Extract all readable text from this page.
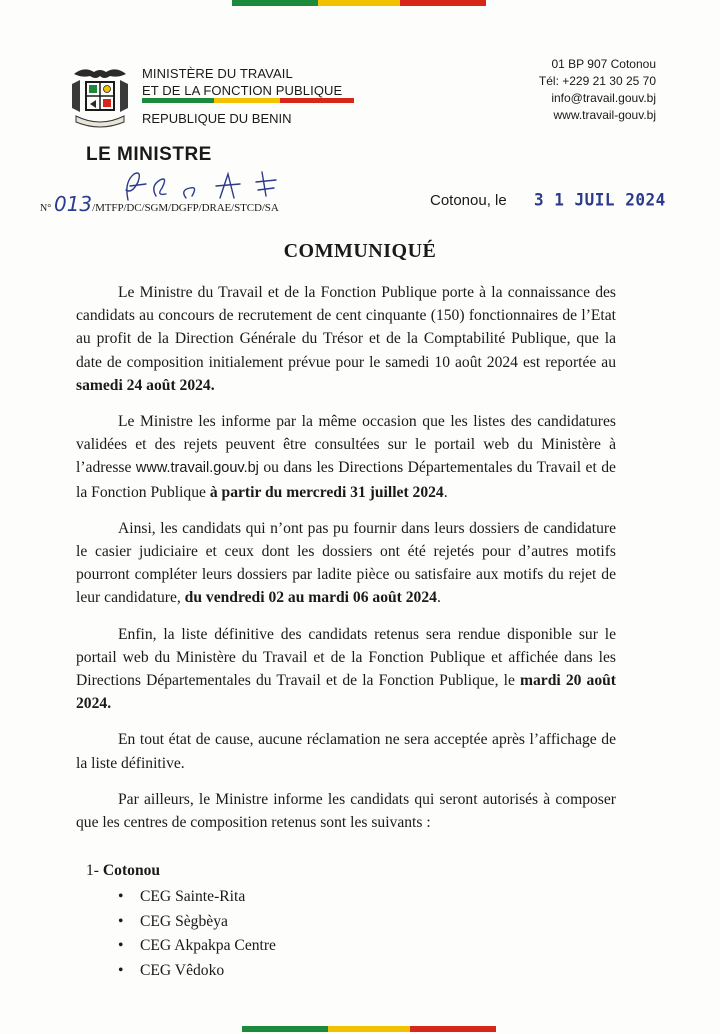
MINISTÈRE DU TRAVAIL
ET DE LA FONCTION PUBLIQUE
REPUBLIQUE DU BENIN
01 BP 907 Cotonou
Tél: +229 21 30 25 70
info@travail.gouv.bj
www.travail-gouv.bj
LE MINISTRE
N° 013/MTFP/DC/SGM/DGFP/DRAE/STCD/SA	Cotonou, le 3 1 JUIL 2024
COMMUNIQUÉ

Le Ministre du Travail et de la Fonction Publique porte à la connaissance des candidats au concours de recrutement de cent cinquante (150) fonctionnaires de l’Etat au profit de la Direction Générale du Trésor et de la Comptabilité Publique, que la date de composition initialement prévue pour le samedi 10 août 2024 est reportée au samedi 24 août 2024.

Le Ministre les informe par la même occasion que les listes des candidatures validées et des rejets peuvent être consultées sur le portail web du Ministère à l’adresse www.travail.gouv.bj ou dans les Directions Départementales du Travail et de la Fonction Publique à partir du mercredi 31 juillet 2024.

Ainsi, les candidats qui n’ont pas pu fournir dans leurs dossiers de candidature le casier judiciaire et ceux dont les dossiers ont été rejetés pour d’autres motifs pourront compléter leurs dossiers par ladite pièce ou satisfaire aux motifs du rejet de leur candidature, du vendredi 02 au mardi 06 août 2024.

Enfin, la liste définitive des candidats retenus sera rendue disponible sur le portail web du Ministère du Travail et de la Fonction Publique et affichée dans les Directions Départementales du Travail et de la Fonction Publique, le mardi 20 août 2024.

En tout état de cause, aucune réclamation ne sera acceptée après l’affichage de la liste définitive.

Par ailleurs, le Ministre informe les candidats qui seront autorisés à composer que les centres de composition retenus sont les suivants :

1- Cotonou
• CEG Sainte-Rita
• CEG Sègbèya
• CEG Akpakpa Centre
• CEG Vêdoko
